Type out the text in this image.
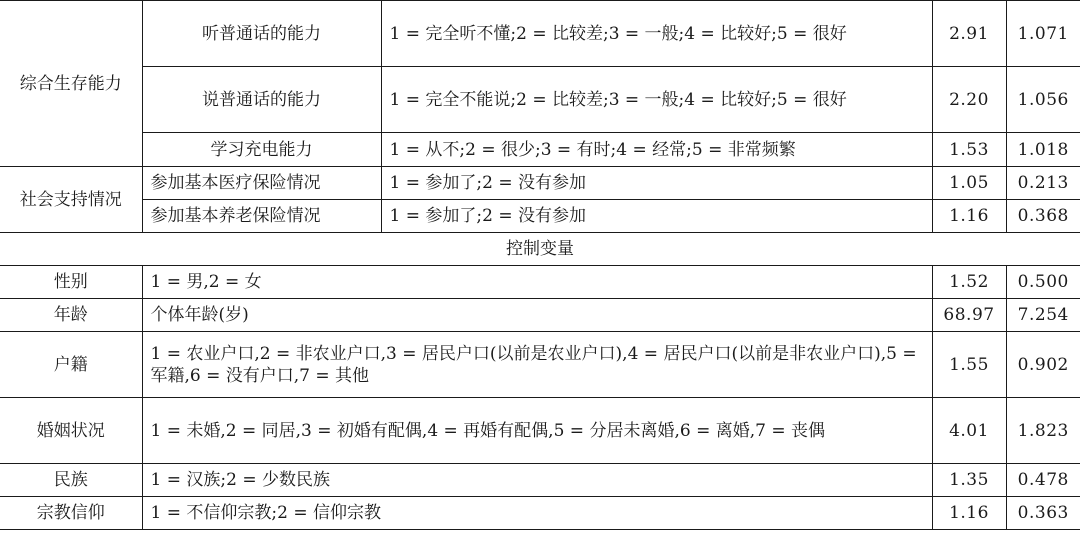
综合生存能力	听普通话的能力	1 = 完全听不懂;2 = 比较差;3 = 一般;4 = 比较好;5 = 很好	2.91	1.071
	说普通话的能力	1 = 完全不能说;2 = 比较差;3 = 一般;4 = 比较好;5 = 很好	2.20	1.056
	学习充电能力	1 = 从不;2 = 很少;3 = 有时;4 = 经常;5 = 非常频繁	1.53	1.018
社会支持情况	参加基本医疗保险情况	1 = 参加了;2 = 没有参加	1.05	0.213
	参加基本养老保险情况	1 = 参加了;2 = 没有参加	1.16	0.368
控制变量				
性别	1 = 男,2 = 女		1.52	0.500
年龄	个体年龄(岁)		68.97	7.254
户籍	1 = 农业户口,2 = 非农业户口,3 = 居民户口(以前是农业户口),4 = 居民户口(以前是非农业户口),5 = 军籍,6 = 没有户口,7 = 其他		1.55	0.902
婚姻状况	1 = 未婚,2 = 同居,3 = 初婚有配偶,4 = 再婚有配偶,5 = 分居未离婚,6 = 离婚,7 = 丧偶		4.01	1.823
民族	1 = 汉族;2 = 少数民族		1.35	0.478
宗教信仰	1 = 不信仰宗教;2 = 信仰宗教		1.16	0.363
